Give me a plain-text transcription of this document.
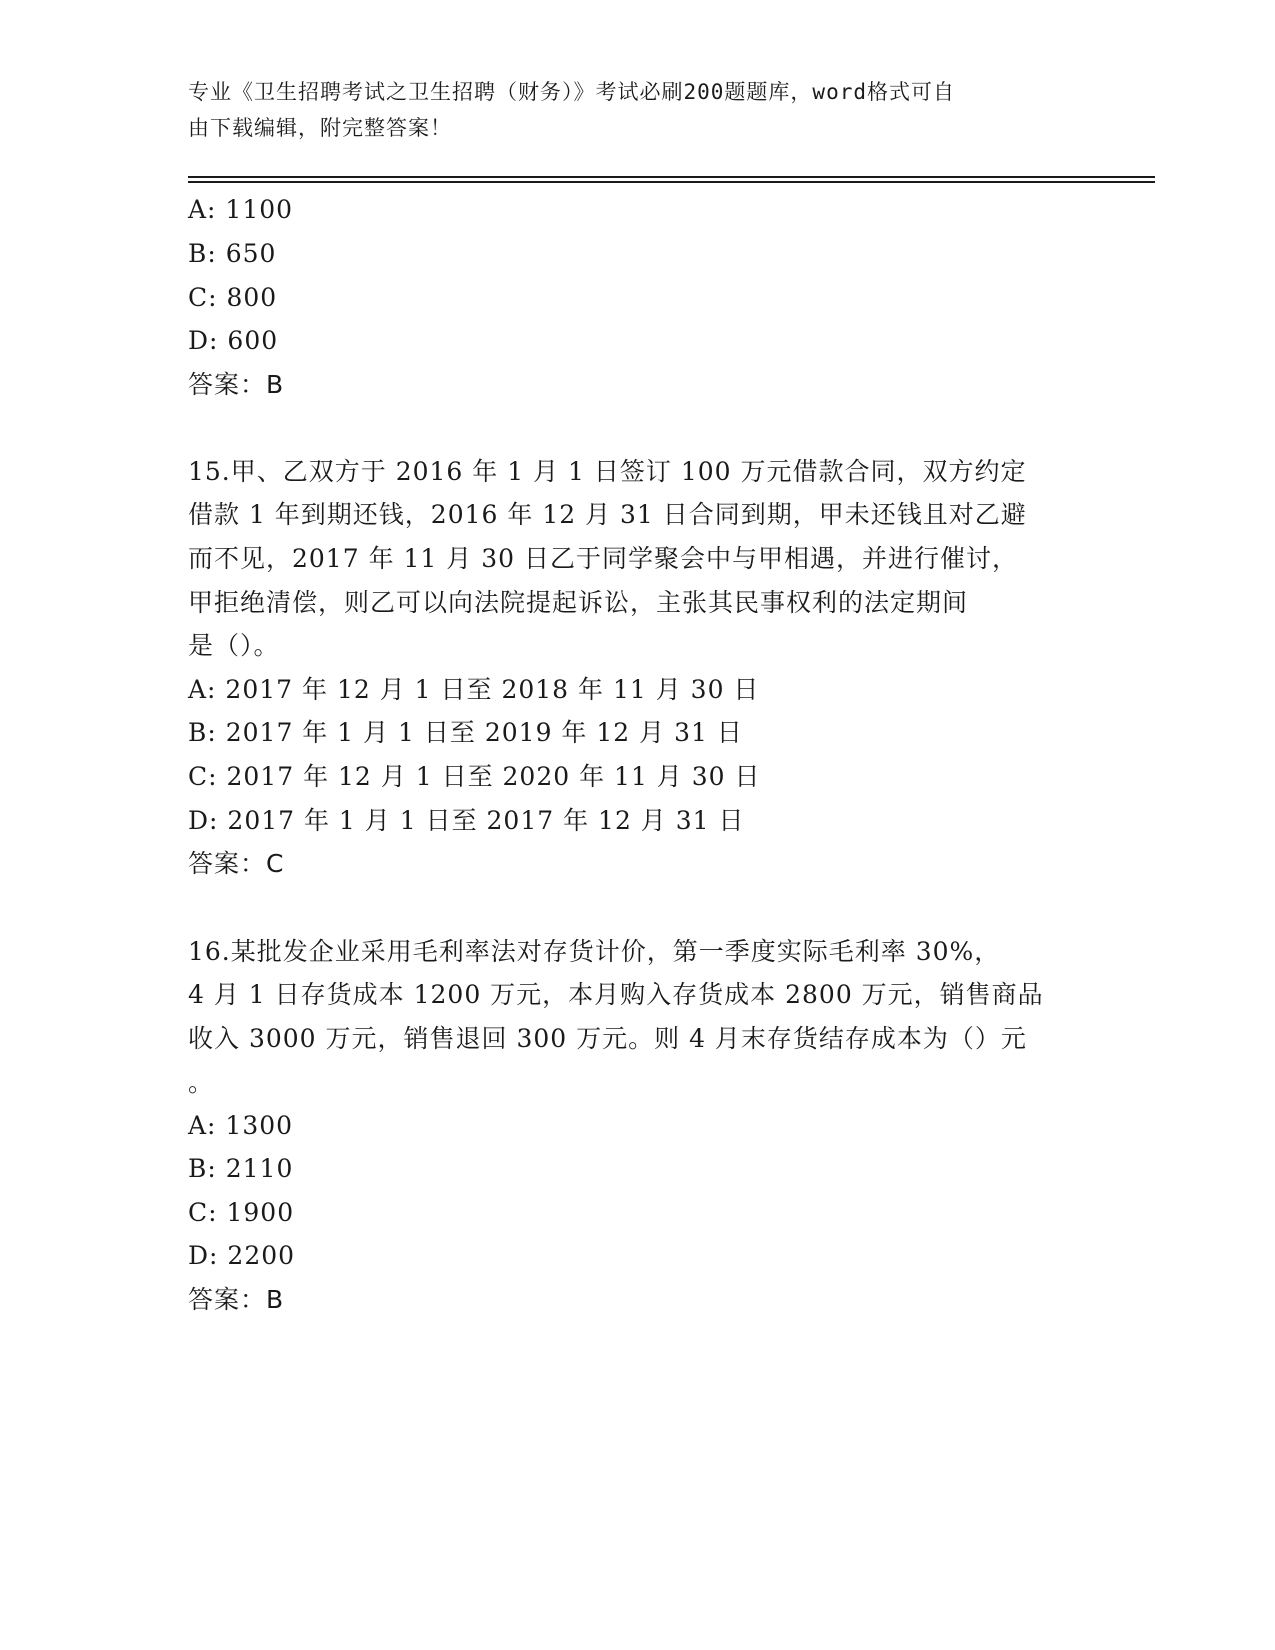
专业《卫生招聘考试之卫生招聘（财务）》考试必刷200题题库，word格式可自
由下载编辑，附完整答案！
A: 1100
B: 650
C: 800
D: 600
答案：B
15.甲、乙双方于 2016 年 1 月 1 日签订 100 万元借款合同，双方约定
借款 1 年到期还钱，2016 年 12 月 31 日合同到期，甲未还钱且对乙避
而不见，2017 年 11 月 30 日乙于同学聚会中与甲相遇，并进行催讨，
甲拒绝清偿，则乙可以向法院提起诉讼，主张其民事权利的法定期间
是（）。
A: 2017 年 12 月 1 日至 2018 年 11 月 30 日
B: 2017 年 1 月 1 日至 2019 年 12 月 31 日
C: 2017 年 12 月 1 日至 2020 年 11 月 30 日
D: 2017 年 1 月 1 日至 2017 年 12 月 31 日
答案：C
16.某批发企业采用毛利率法对存货计价，第一季度实际毛利率 30%，
4 月 1 日存货成本 1200 万元，本月购入存货成本 2800 万元，销售商品
收入 3000 万元，销售退回 300 万元。则 4 月末存货结存成本为（）元
。
A: 1300
B: 2110
C: 1900
D: 2200
答案：B
